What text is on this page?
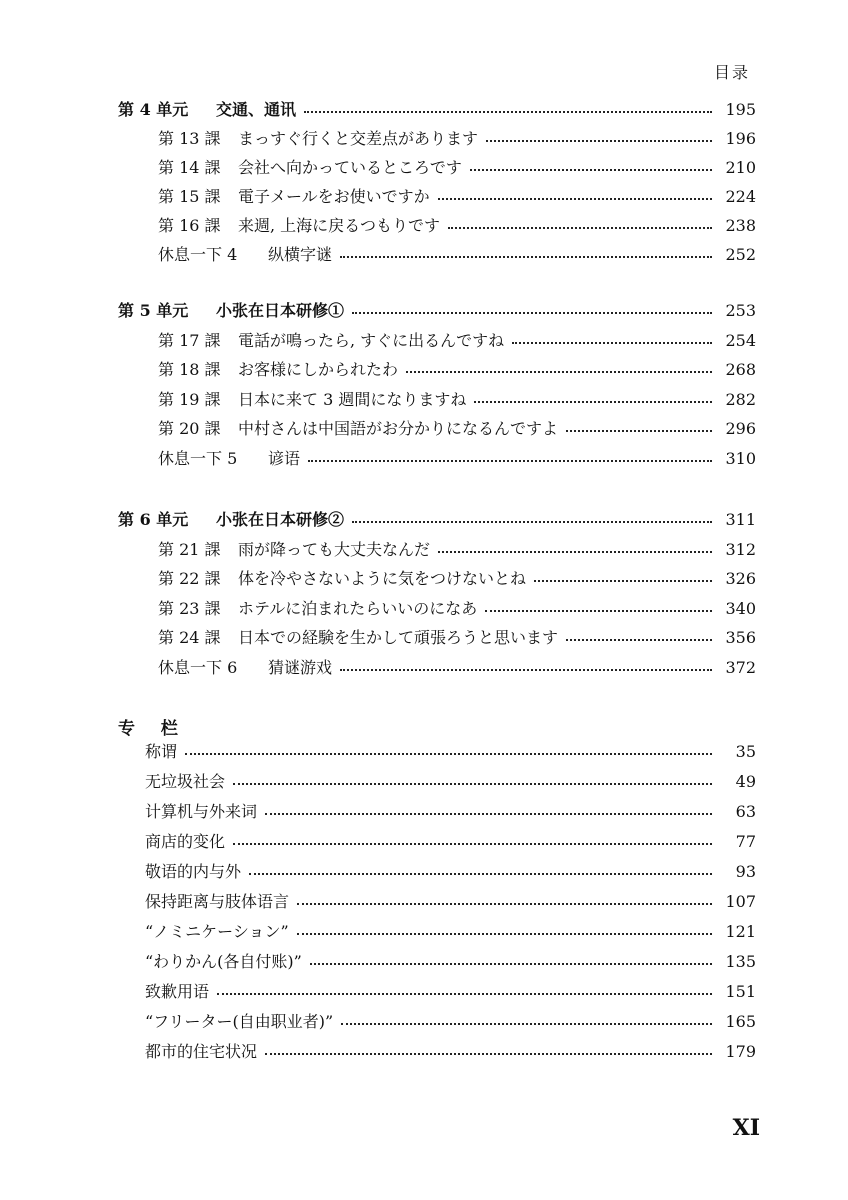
目录
第 4 单元 交通、通讯	195
第 13 課 まっすぐ行くと交差点があります	196
第 14 課 会社へ向かっているところです	210
第 15 課 電子メールをお使いですか	224
第 16 課 来週, 上海に戻るつもりです	238
休息一下 4 纵横字谜	252
第 5 单元 小张在日本研修①	253
第 17 課 電話が鳴ったら, すぐに出るんですね	254
第 18 課 お客様にしかられたわ	268
第 19 課 日本に来て 3 週間になりますね	282
第 20 課 中村さんは中国語がお分かりになるんですよ	296
休息一下 5 谚语	310
第 6 单元 小张在日本研修②	311
第 21 課 雨が降っても大丈夫なんだ	312
第 22 課 体を冷やさないように気をつけないとね	326
第 23 課 ホテルに泊まれたらいいのになあ	340
第 24 課 日本での経験を生かして頑張ろうと思います	356
休息一下 6 猜谜游戏	372
专 栏
称谓	35
无垃圾社会	49
计算机与外来词	63
商店的变化	77
敬语的内与外	93
保持距离与肢体语言	107
“ノミニケーション”	121
“わりかん(各自付账)”	135
致歉用语	151
“フリーター(自由职业者)”	165
都市的住宅状况	179
XI
